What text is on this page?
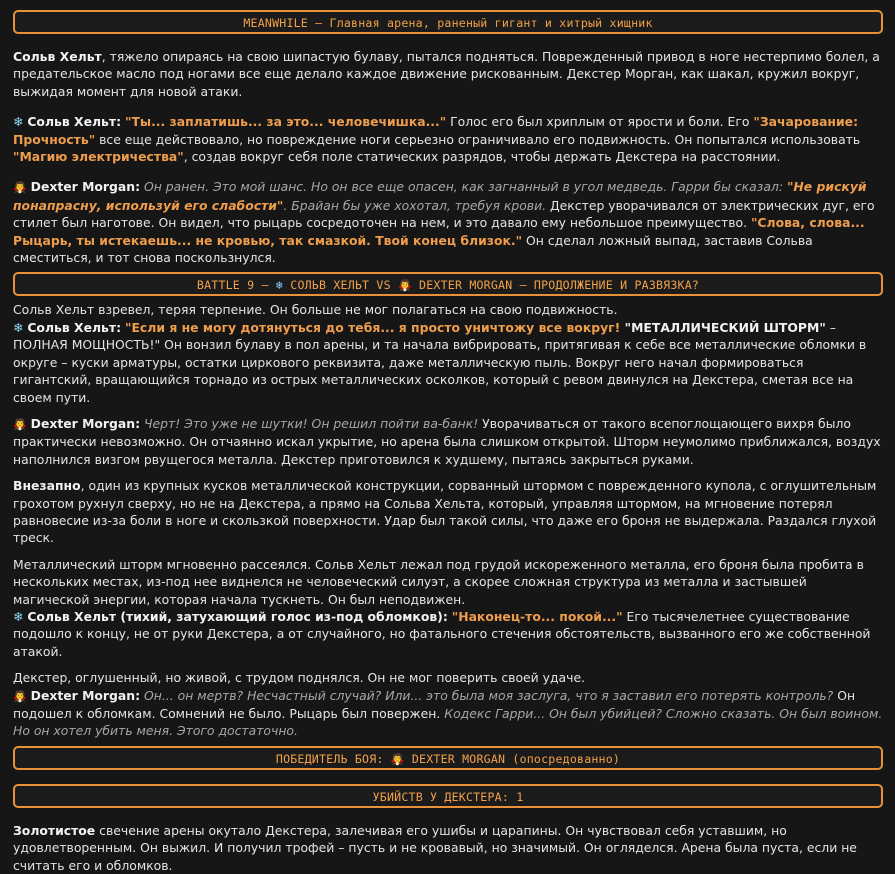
MEANWHILE – Главная арена, раненый гигант и хитрый хищник

Сольв Хельт, тяжело опираясь на свою шипастую булаву, пытался подняться. Поврежденный привод в ноге нестерпимо болел, а предательское масло под ногами все еще делало каждое движение рискованным. Декстер Морган, как шакал, кружил вокруг, выжидая момент для новой атаки.

❄ Сольв Хельт: "Ты... заплатишь... за это... человечишка..." Голос его был хриплым от ярости и боли. Его "Зачарование: Прочность" все еще действовало, но повреждение ноги серьезно ограничивало его подвижность. Он попытался использовать "Магию электричества", создав вокруг себя поле статических разрядов, чтобы держать Декстера на расстоянии.

🧛 Dexter Morgan: Он ранен. Это мой шанс. Но он все еще опасен, как загнанный в угол медведь. Гарри бы сказал: "Не рискуй понапрасну, используй его слабости". Брайан бы уже хохотал, требуя крови. Декстер уворачивался от электрических дуг, его стилет был наготове. Он видел, что рыцарь сосредоточен на нем, и это давало ему небольшое преимущество. "Слова, слова... Рыцарь, ты истекаешь... не кровью, так смазкой. Твой конец близок." Он сделал ложный выпад, заставив Сольва сместиться, и тот снова поскользнулся.

BATTLE 9 – ❄ СОЛЬВ ХЕЛЬТ VS 🧛 DEXTER MORGAN – ПРОДОЛЖЕНИЕ И РАЗВЯЗКА?

Сольв Хельт взревел, теряя терпение. Он больше не мог полагаться на свою подвижность.

❄ Сольв Хельт: "Если я не могу дотянуться до тебя... я просто уничтожу все вокруг! "МЕТАЛЛИЧЕСКИЙ ШТОРМ" – ПОЛНАЯ МОЩНОСТЬ!" Он вонзил булаву в пол арены, и та начала вибрировать, притягивая к себе все металлические обломки в округе – куски арматуры, остатки циркового реквизита, даже металлическую пыль. Вокруг него начал формироваться гигантский, вращающийся торнадо из острых металлических осколков, который с ревом двинулся на Декстера, сметая все на своем пути.

🧛 Dexter Morgan: Черт! Это уже не шутки! Он решил пойти ва-банк! Уворачиваться от такого всепоглощающего вихря было практически невозможно. Он отчаянно искал укрытие, но арена была слишком открытой. Шторм неумолимо приближался, воздух наполнился визгом рвущегося металла. Декстер приготовился к худшему, пытаясь закрыться руками.

Внезапно, один из крупных кусков металлической конструкции, сорванный штормом с поврежденного купола, с оглушительным грохотом рухнул сверху, но не на Декстера, а прямо на Сольва Хельта, который, управляя штормом, на мгновение потерял равновесие из-за боли в ноге и скользкой поверхности. Удар был такой силы, что даже его броня не выдержала. Раздался глухой треск.

Металлический шторм мгновенно рассеялся. Сольв Хельт лежал под грудой искореженного металла, его броня была пробита в нескольких местах, из-под нее виднелся не человеческий силуэт, а скорее сложная структура из металла и застывшей магической энергии, которая начала тускнеть. Он был неподвижен.

❄ Сольв Хельт (тихий, затухающий голос из-под обломков): "Наконец-то... покой..." Его тысячелетнее существование подошло к концу, не от руки Декстера, а от случайного, но фатального стечения обстоятельств, вызванного его же собственной атакой.

Декстер, оглушенный, но живой, с трудом поднялся. Он не мог поверить своей удаче.

🧛 Dexter Morgan: Он... он мертв? Несчастный случай? Или... это была моя заслуга, что я заставил его потерять контроль? Он подошел к обломкам. Сомнений не было. Рыцарь был повержен. Кодекс Гарри... Он был убийцей? Сложно сказать. Он был воином. Но он хотел убить меня. Этого достаточно.

ПОБЕДИТЕЛЬ БОЯ: 🧛 DEXTER MORGAN (опосредованно)
УБИЙСТВ У ДЕКСТЕРА: 1

Золотистое свечение арены окутало Декстера, залечивая его ушибы и царапины. Он чувствовал себя уставшим, но удовлетворенным. Он выжил. И получил трофей – пусть и не кровавый, но значимый. Он огляделся. Арена была пуста, если не считать его и обломков.
